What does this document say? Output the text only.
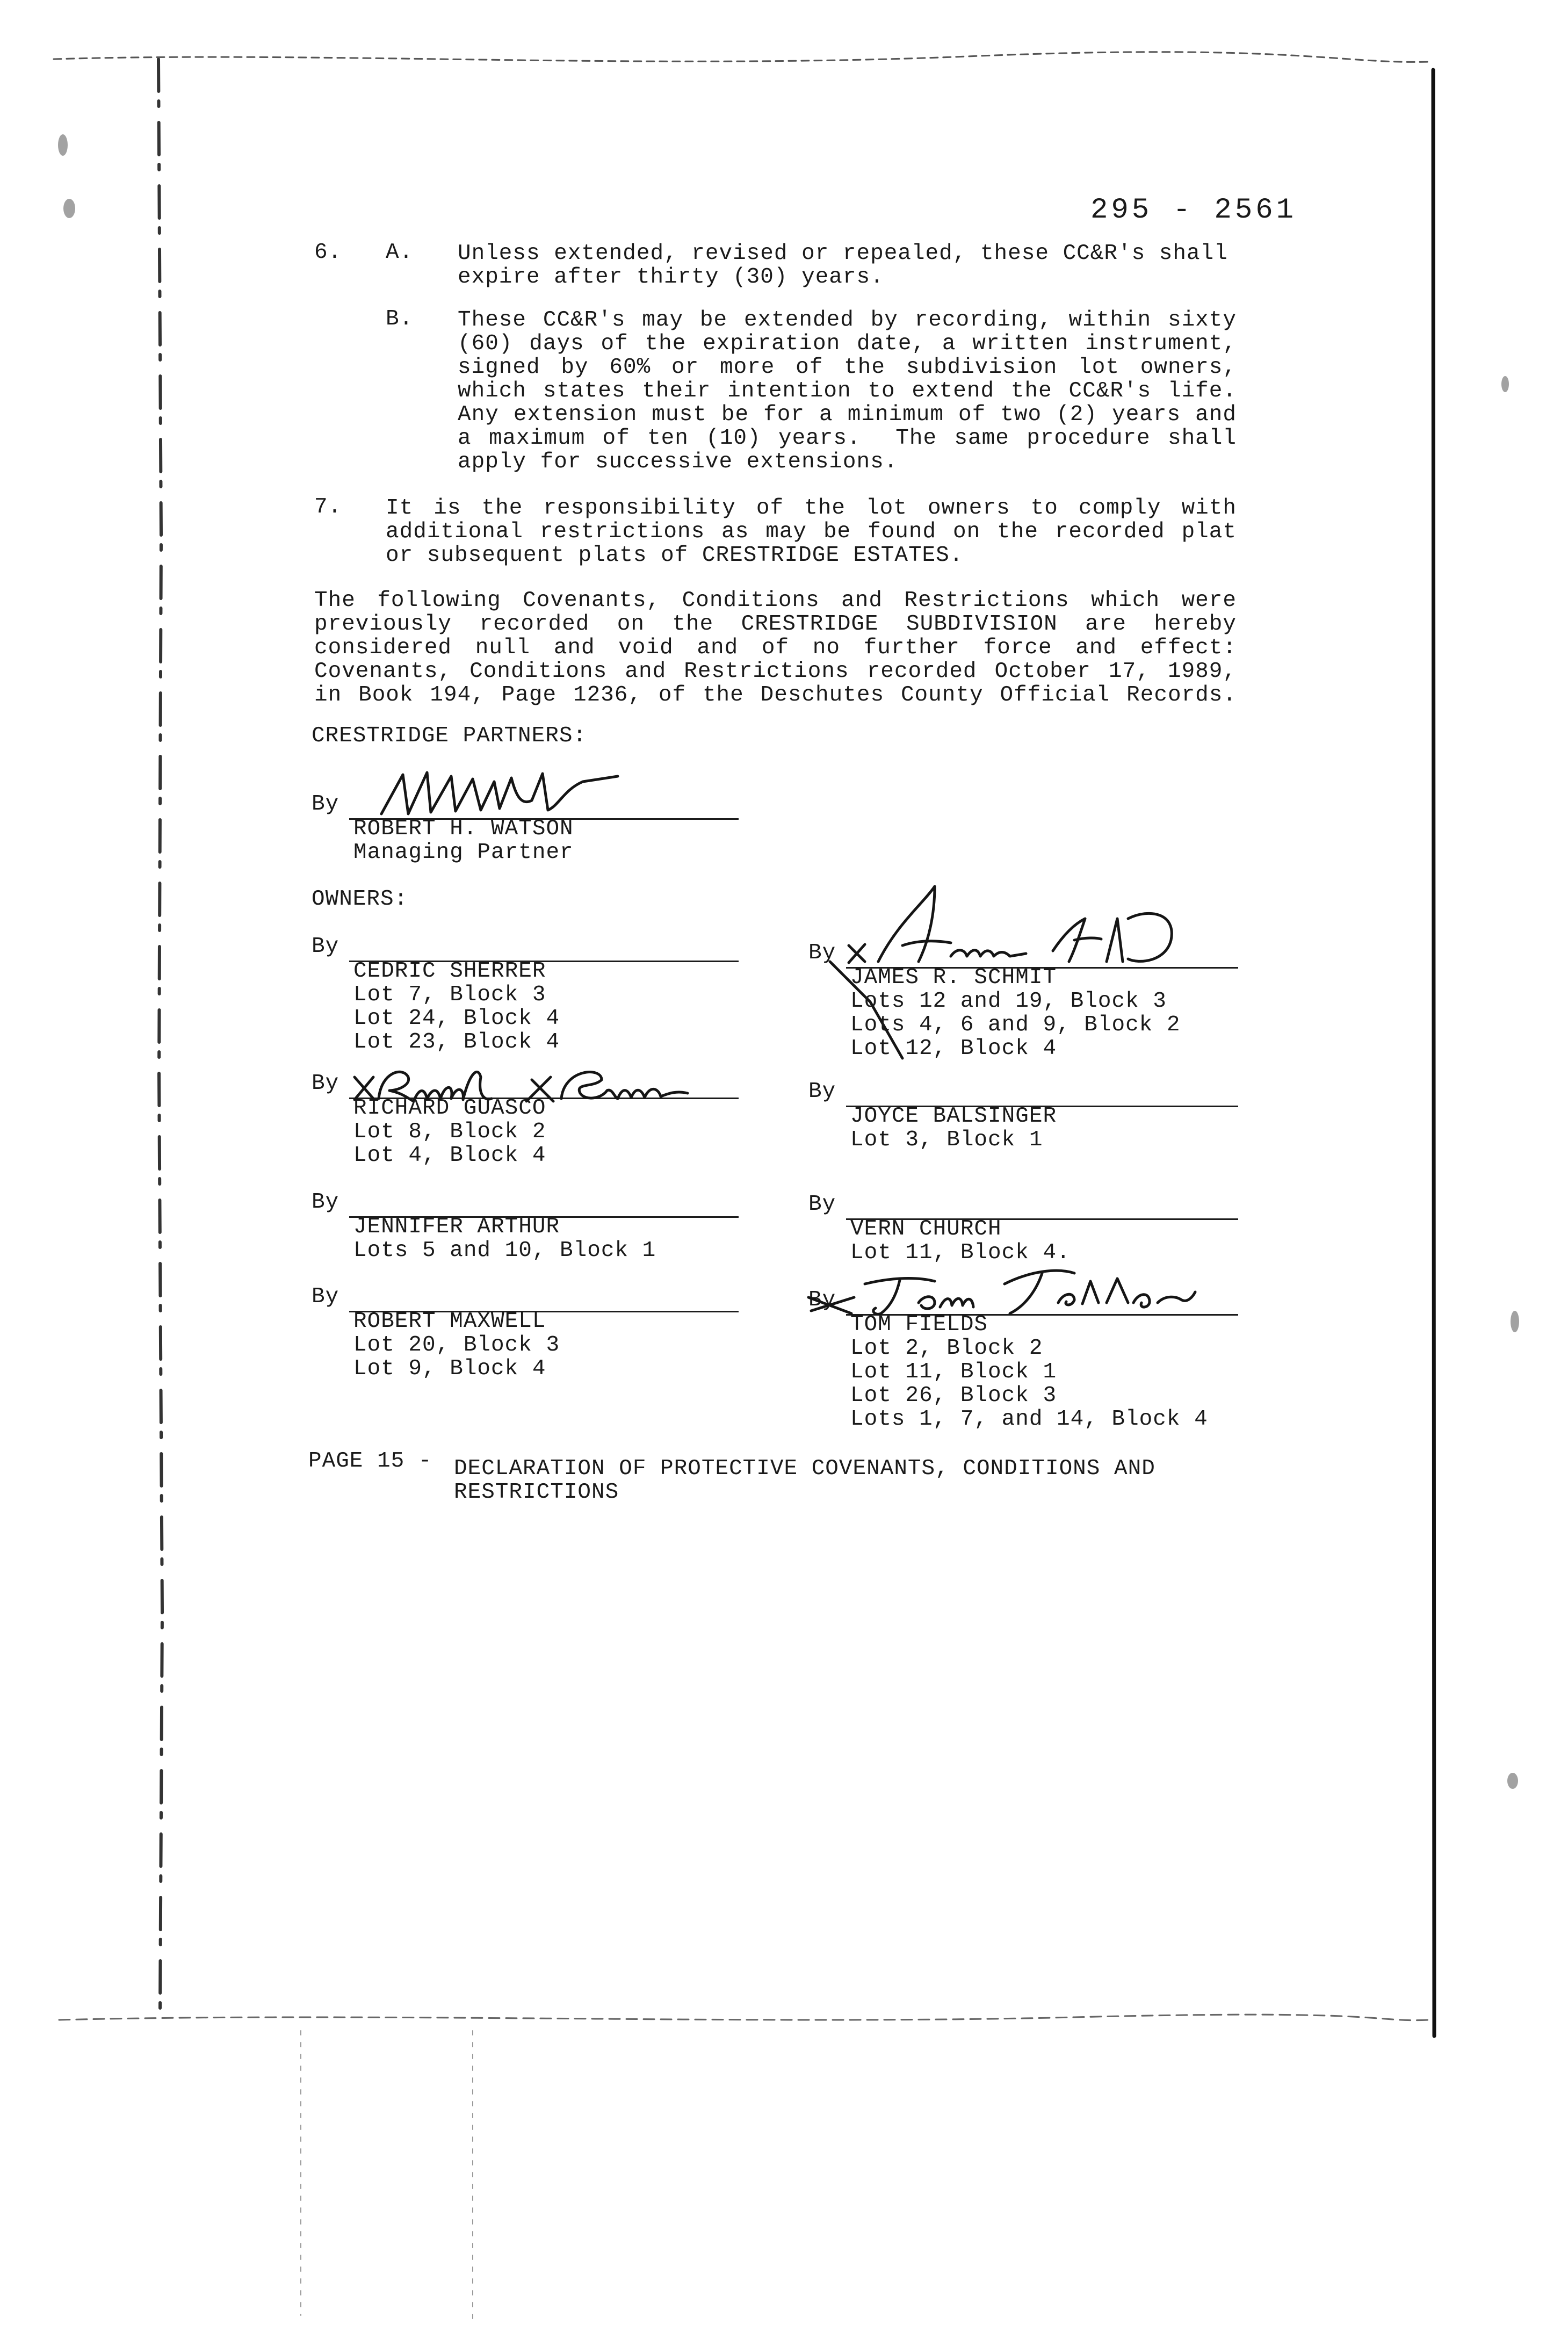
295 - 2561
6. A. Unless extended, revised or repealed, these CC&R's shall
expire after thirty (30) years.
B. These CC&R's may be extended by recording, within sixty
(60) days of the expiration date, a written instrument,
signed by 60% or more of the subdivision lot owners,
which states their intention to extend the CC&R's life.
Any extension must be for a minimum of two (2) years and
a maximum of ten (10) years.  The same procedure shall
apply for successive extensions.
7. It is the responsibility of the lot owners to comply with
additional restrictions as may be found on the recorded plat
or subsequent plats of CRESTRIDGE ESTATES.
The following Covenants, Conditions and Restrictions which were
previously recorded on the CRESTRIDGE SUBDIVISION are hereby
considered null and void and of no further force and effect:
Covenants, Conditions and Restrictions recorded October 17, 1989,
in Book 194, Page 1236, of the Deschutes County Official Records.
CRESTRIDGE PARTNERS:
By
ROBERT H. WATSON
Managing Partner
OWNERS:
By
CEDRIC SHERRER
Lot 7, Block 3
Lot 24, Block 4
Lot 23, Block 4
By
RICHARD GUASCO
Lot 8, Block 2
Lot 4, Block 4
By
JENNIFER ARTHUR
Lots 5 and 10, Block 1
By
ROBERT MAXWELL
Lot 20, Block 3
Lot 9, Block 4
By
JAMES R. SCHMIT
Lots 12 and 19, Block 3
Lots 4, 6 and 9, Block 2
Lot 12, Block 4
By
JOYCE BALSINGER
Lot 3, Block 1
By
VERN CHURCH
Lot 11, Block 4.
By
TOM FIELDS
Lot 2, Block 2
Lot 11, Block 1
Lot 26, Block 3
Lots 1, 7, and 14, Block 4
PAGE 15 - DECLARATION OF PROTECTIVE COVENANTS, CONDITIONS AND
RESTRICTIONS
